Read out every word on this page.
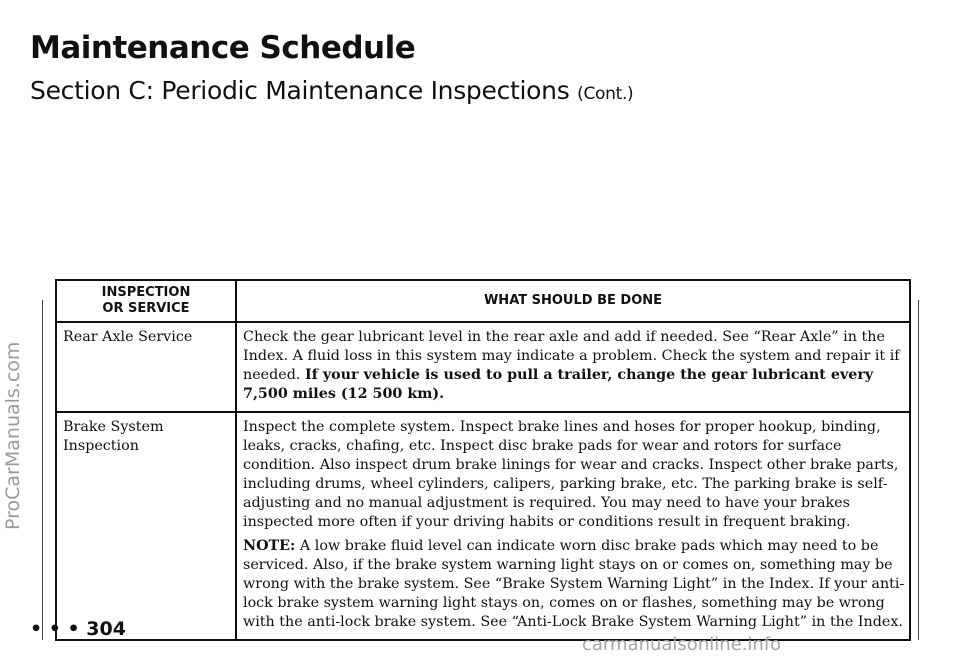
Maintenance Schedule
Section C: Periodic Maintenance Inspections (Cont.)
ProCarManuals.com
INSPECTION
OR SERVICE	WHAT SHOULD BE DONE
Rear Axle Service	Check the gear lubricant level in the rear axle and add if needed. See “Rear Axle” in the Index. A fluid loss in this system may indicate a problem. Check the system and repair it if needed. If your vehicle is used to pull a trailer, change the gear lubricant every 7,500 miles (12 500 km).

Brake System Inspection	Inspect the complete system. Inspect brake lines and hoses for proper hookup, binding, leaks, cracks, chafing, etc. Inspect disc brake pads for wear and rotors for surface condition. Also inspect drum brake linings for wear and cracks. Inspect other brake parts, including drums, wheel cylinders, calipers, parking brake, etc. The parking brake is self-adjusting and no manual adjustment is required. You may need to have your brakes inspected more often if your driving habits or conditions result in frequent braking.

NOTE: A low brake fluid level can indicate worn disc brake pads which may need to be serviced. Also, if the brake system warning light stays on or comes on, something may be wrong with the brake system. See “Brake System Warning Light” in the Index. If your anti-lock brake system warning light stays on, comes on or flashes, something may be wrong with the anti-lock brake system. See “Anti-Lock Brake System Warning Light” in the Index.

• • • 304
carmanualsonline.info
